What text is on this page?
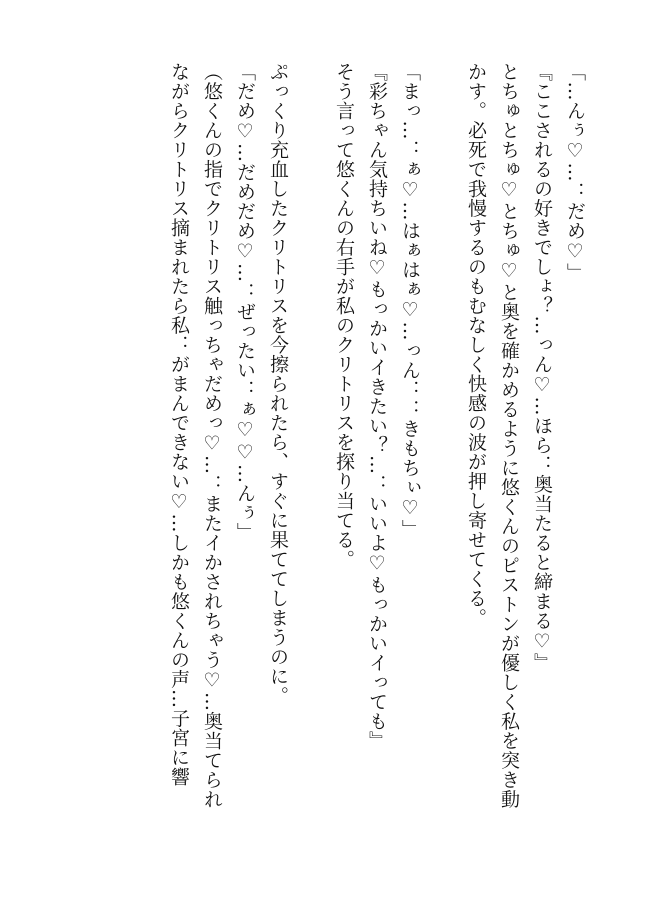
「…んぅ♡…：だめ♡」
『ここされるの好きでしょ？…っん♡…ほら：奥当たると締まる♡』
とちゅとちゅ♡とちゅ♡と奥を確かめるように悠くんのピストンが優しく私を突き動
かす。必死で我慢するのもむなしく快感の波が押し寄せてくる。
「まっ…：ぁ♡…はぁはぁ♡…っん：：きもちぃ♡」
『彩ちゃん気持ちいね♡もっかいイきたい？…：いいよ♡もっかいイっても』
そう言って悠くんの右手が私のクリトリスを探り当てる。
ぷっくり充血したクリトリスを今擦られたら、すぐに果ててしまうのに。
「だめ♡…だめだめ♡…：ぜったい：ぁ♡♡…んぅ」
（悠くんの指でクリトリス触っちゃだめっ♡…：またイかされちゃう♡…奥当てられ
ながらクリトリス摘まれたら私：がまんできない♡…しかも悠くんの声…子宮に響
